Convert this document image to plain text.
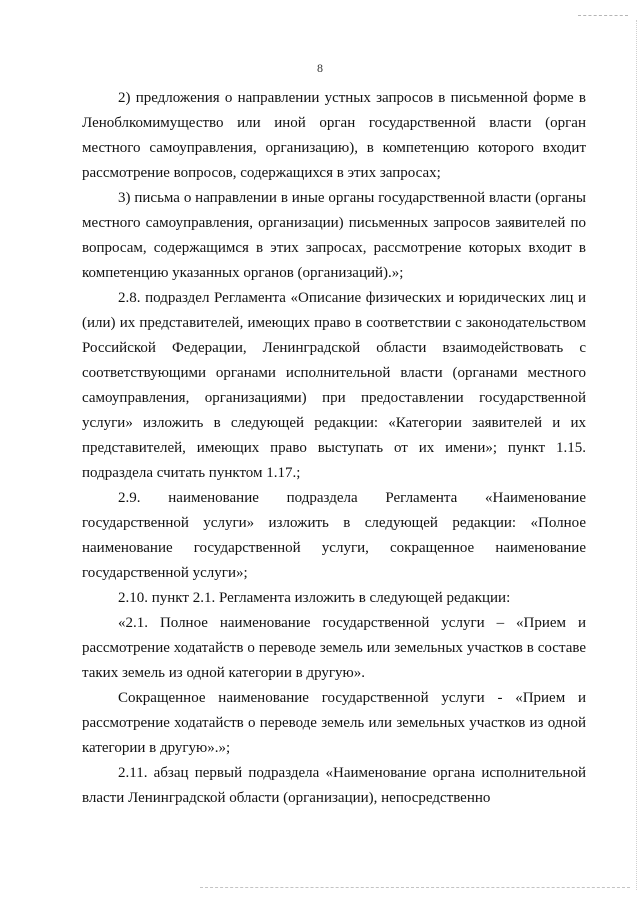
8

2) предложения о направлении устных запросов в письменной форме в Леноблкомимущество или иной орган государственной власти (орган местного самоуправления, организацию), в компетенцию которого входит рассмотрение вопросов, содержащихся в этих запросах;

3) письма о направлении в иные органы государственной власти (органы местного самоуправления, организации) письменных запросов заявителей по вопросам, содержащимся в этих запросах, рассмотрение которых входит в компетенцию указанных органов (организаций).»;

2.8. подраздел Регламента «Описание физических и юридических лиц и (или) их представителей, имеющих право в соответствии с законодательством Российской Федерации, Ленинградской области взаимодействовать с соответствующими органами исполнительной власти (органами местного самоуправления, организациями) при предоставлении государственной услуги» изложить в следующей редакции: «Категории заявителей и их представителей, имеющих право выступать от их имени»; пункт 1.15. подраздела считать пунктом 1.17.;

2.9. наименование подраздела Регламента «Наименование государственной услуги» изложить в следующей редакции: «Полное наименование государственной услуги, сокращенное наименование государственной услуги»;

2.10. пункт 2.1. Регламента изложить в следующей редакции:

«2.1. Полное наименование государственной услуги – «Прием и рассмотрение ходатайств о переводе земель или земельных участков в составе таких земель из одной категории в другую».

Сокращенное наименование государственной услуги - «Прием и рассмотрение ходатайств о переводе земель или земельных участков из одной категории в другую».»;

2.11. абзац первый подраздела «Наименование органа исполнительной власти Ленинградской области (организации), непосредственно
